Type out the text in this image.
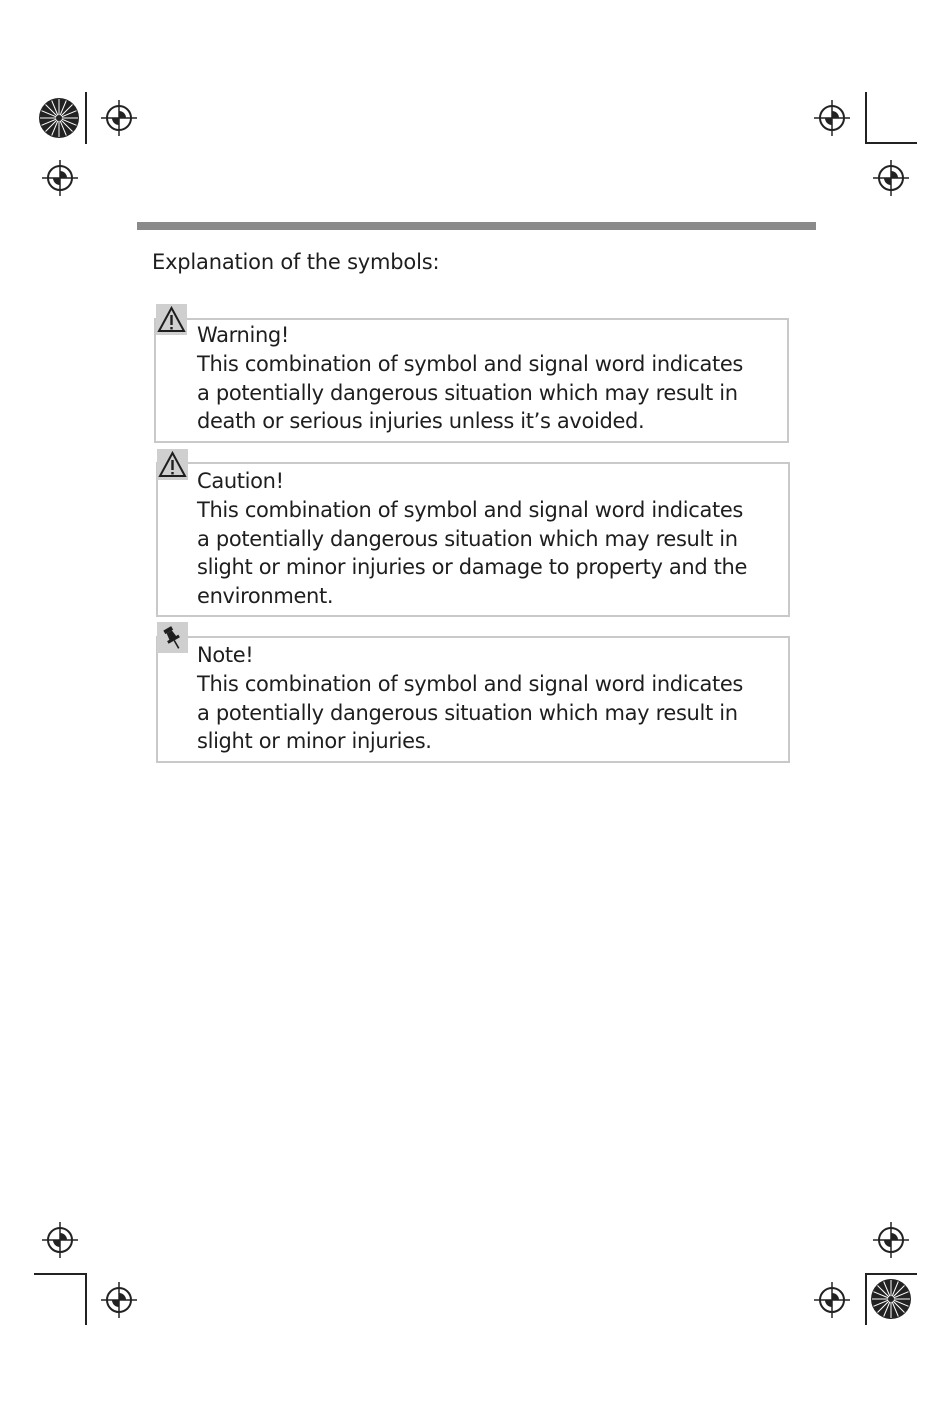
Explanation of the symbols:
Warning!
This combination of symbol and signal word indicates
a potentially dangerous situation which may result in
death or serious injuries unless it’s avoided.
Caution!
This combination of symbol and signal word indicates
a potentially dangerous situation which may result in
slight or minor injuries or damage to property and the
environment.
Note!
This combination of symbol and signal word indicates
a potentially dangerous situation which may result in
slight or minor injuries.
